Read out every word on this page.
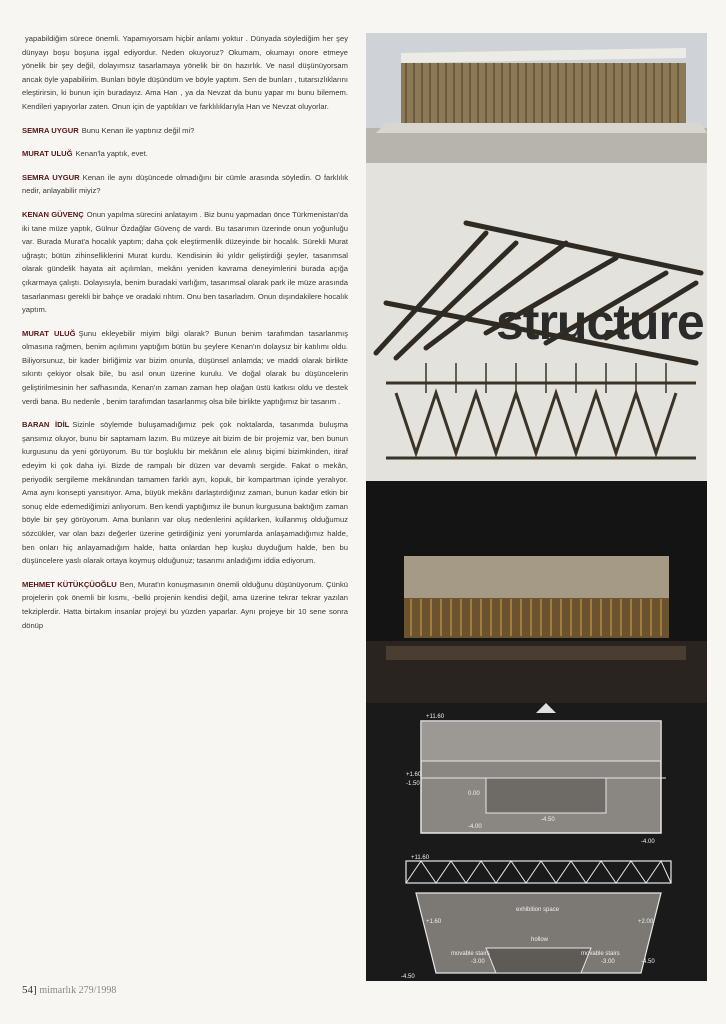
yapabildiğim sürece önemli. Yapamıyorsam hiçbir anlamı yoktur . Dünyada söylediğim her şey dünyayı boşu boşuna işgal ediyordur. Neden okuyoruz? Okumam, okumayı onore etmeye yönelik bir şey değil, dolayımsız tasarlamaya yönelik bir ön hazırlık. Ve nasıl düşünüyorsam ancak öyle yapabilirim. Bunları böyle düşündüm ve böyle yaptım. Sen de bunları , tutarsızlıklarını eleştirirsin, ki bunun için buradayız. Ama Han , ya da Nevzat da bunu yapar mı bunu bilemem. Kendileri yapıyorlar zaten. Onun için de yaptıkları ve farklılıklarıyla Han ve Nevzat oluyorlar.

SEMRA UYGUR Bunu Kenan ile yaptınız değil mi?

MURAT ULUĞ Kenan'la yaptık, evet.

SEMRA UYGUR Kenan ile aynı düşüncede olmadığını bir cümle arasında söyledin. O farklılık nedir, anlayabilir miyiz?

KENAN GÜVENÇ Onun yapılma sürecini anlatayım . Biz bunu yapmadan önce Türkmenistan'da iki tane müze yaptık, Gülnur Özdağlar Güvenç de vardı. Bu tasarımın üzerinde onun yoğunluğu var. Burada Murat'a hocalık yaptım; daha çok eleştirmenlik düzeyinde bir hocalık. Sürekli Murat uğraştı; bütün zihinselliklerini Murat kurdu. Kendisinin iki yıldır geliştirdiği şeyler, tasarımsal olarak gündelik hayata ait açılımları, mekânı yeniden kavrama deneyimlerini burada açığa çıkarmaya çalıştı. Dolayısıyla, benim buradaki varlığım, tasarımsal olarak park ile müze arasında tasarlanması gerekli bir bahçe ve oradaki rıhtım. Onu ben tasarladım. Onun dışındakilere hocalık yaptım.

MURAT ULUĞ Şunu ekleyebilir miyim bilgi olarak? Bunun benim tarafımdan tasarlanmış olmasına rağmen, benim açılımını yaptığım bütün bu şeylere Kenan'ın dolaysız bir katılımı oldu. Biliyorsunuz, bir kader birliğimiz var bizim onunla, düşünsel anlamda; ve maddi olarak birlikte sıkıntı çekiyor olsak bile, bu asıl onun üzerine kurulu. Ve doğal olarak bu düşüncelerin geliştirilmesinin her safhasında, Kenan'ın zaman zaman hep olağan üstü katkısı oldu ve destek verdi bana. Bu nedenle , benim tarafımdan tasarlanmış olsa bile birlikte yaptığımız bir tasarım .

BARAN İDİL Sizinle söylemde buluşamadığımız pek çok noktalarda, tasarımda buluşma şansımız oluyor, bunu bir saptamam lazım. Bu müzeye ait bizim de bir projemiz var, ben bunun kurgusunu da yeni görüyorum. Bu tür boşluklu bir mekânın ele alınış biçimi bizimkinden, itiraf edeyim ki çok daha iyi. Bizde de rampalı bir düzen var devamlı sergide. Fakat o mekân, periyodik sergileme mekânından tamamen farklı ayrı, kopuk, bir kompartman içinde yeralıyor. Ama aynı konsepti yansıtıyor. Ama, büyük mekânı darlaştırdığınız zaman, bunun kadar etkin bir sonuç elde edemediğimizi anlıyorum. Ben kendi yaptığımız ile bunun kurgusuna baktığım zaman böyle bir şey görüyorum. Ama bunların var oluş nedenlerini açıklarken, kullanmış olduğumuz sözcükler, var olan bazı değerler üzerine getirdiğiniz yeni yorumlarda anlaşamadığımız halde, ben onları hiç anlayamadığım halde, hatta onlardan hep kuşku duyduğum halde, ben bu düşüncelere yaslı olarak ortaya koymuş olduğunuz; tasarımı anladığımı iddia ediyorum.

MEHMET KÜTÜKÇÜOĞLU Ben, Murat'ın konuşmasının önemli olduğunu düşünüyorum. Çünkü projelerin çok önemli bir kısmı, -belki projenin kendisi değil, ama üzerine tekrar tekrar yazılan tekziplerdir. Hatta birtakım insanlar projeyi bu yüzden yaparlar. Aynı projeye bir 10 sene sonra dönüp

54] mimarlık 279/1998
structure
+11.60
+1.60
-1.50
0.00
-4.50
-4.00
-4.00
+11.60
+1.60	+2.00
-4.50
-3.00	-4.50
-3.00
exhibition space
movable stairs
hollow
movable stairs
